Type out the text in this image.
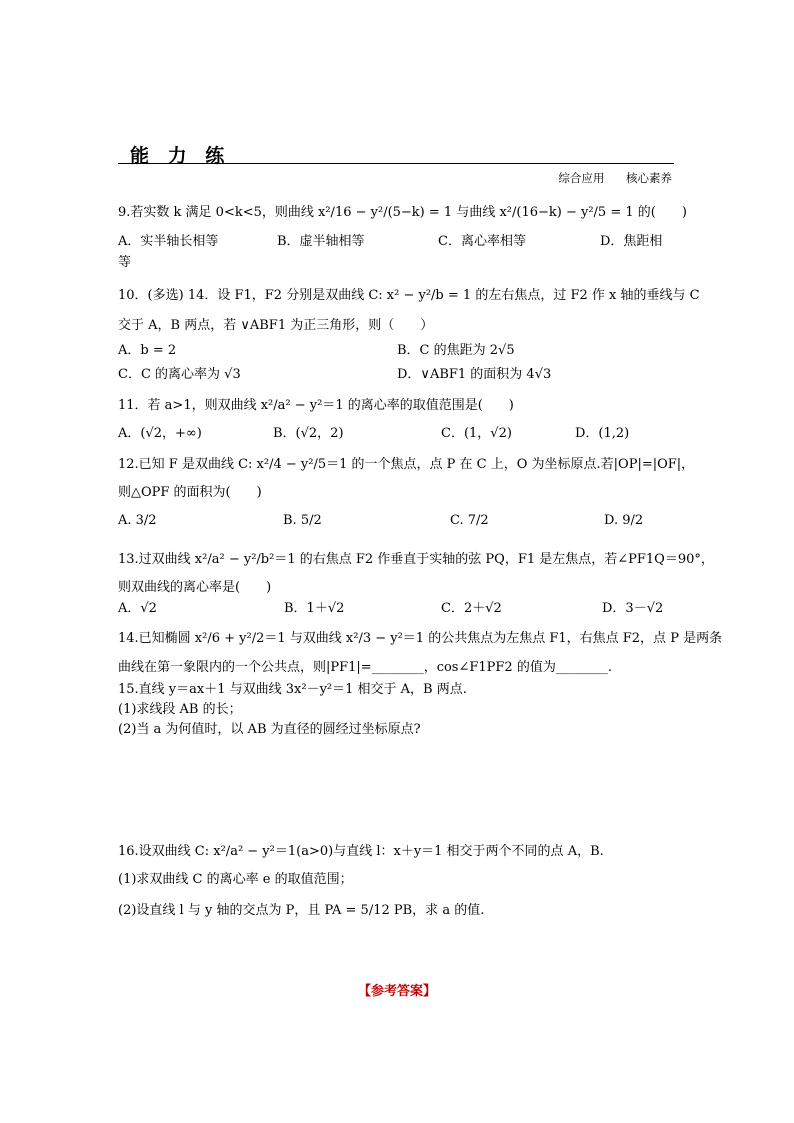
能 力 练
综合应用 核心素养
9.若实数 k 满足 0<k<5，则曲线 x²/16 − y²/(5−k) = 1 与曲线 x²/(16−k) − y²/5 = 1 的(　　)
A．实半轴长相等	B．虚半轴相等	C．离心率相等	D．焦距相
等
10．(多选) 14．设 F1，F2 分别是双曲线 C: x² − y²/b = 1 的左右焦点，过 F2 作 x 轴的垂线与 C
交于 A，B 两点，若 ∨ABF1 为正三角形，则（　　）
A．b = 2	B．C 的焦距为 2√5
C．C 的离心率为 √3	D．∨ABF1 的面积为 4√3
11．若 a>1，则双曲线 x²/a² − y²＝1 的离心率的取值范围是(　　)
A．(√2，+∞)	B．(√2，2)	C．(1，√2)	D．(1,2)
12.已知 F 是双曲线 C: x²/4 − y²/5＝1 的一个焦点，点 P 在 C 上，O 为坐标原点.若|OP|=|OF|，
则△OPF 的面积为(　　)
A. 3/2	B. 5/2	C. 7/2	D. 9/2
13.过双曲线 x²/a² − y²/b²＝1 的右焦点 F2 作垂直于实轴的弦 PQ，F1 是左焦点，若∠PF1Q＝90°，
则双曲线的离心率是(　　)
A．√2	B．1＋√2	C．2＋√2	D．3－√2
14.已知椭圆 x²/6 + y²/2＝1 与双曲线 x²/3 − y²＝1 的公共焦点为左焦点 F1，右焦点 F2，点 P 是两条
曲线在第一象限内的一个公共点，则|PF1|=________，cos∠F1PF2 的值为________.
15.直线 y＝ax＋1 与双曲线 3x²－y²＝1 相交于 A，B 两点.
(1)求线段 AB 的长；
(2)当 a 为何值时，以 AB 为直径的圆经过坐标原点?
16.设双曲线 C: x²/a² − y²＝1(a>0)与直线 l：x＋y＝1 相交于两个不同的点 A，B.
(1)求双曲线 C 的离心率 e 的取值范围；
(2)设直线 l 与 y 轴的交点为 P，且 PA = 5/12 PB，求 a 的值.
【参考答案】
